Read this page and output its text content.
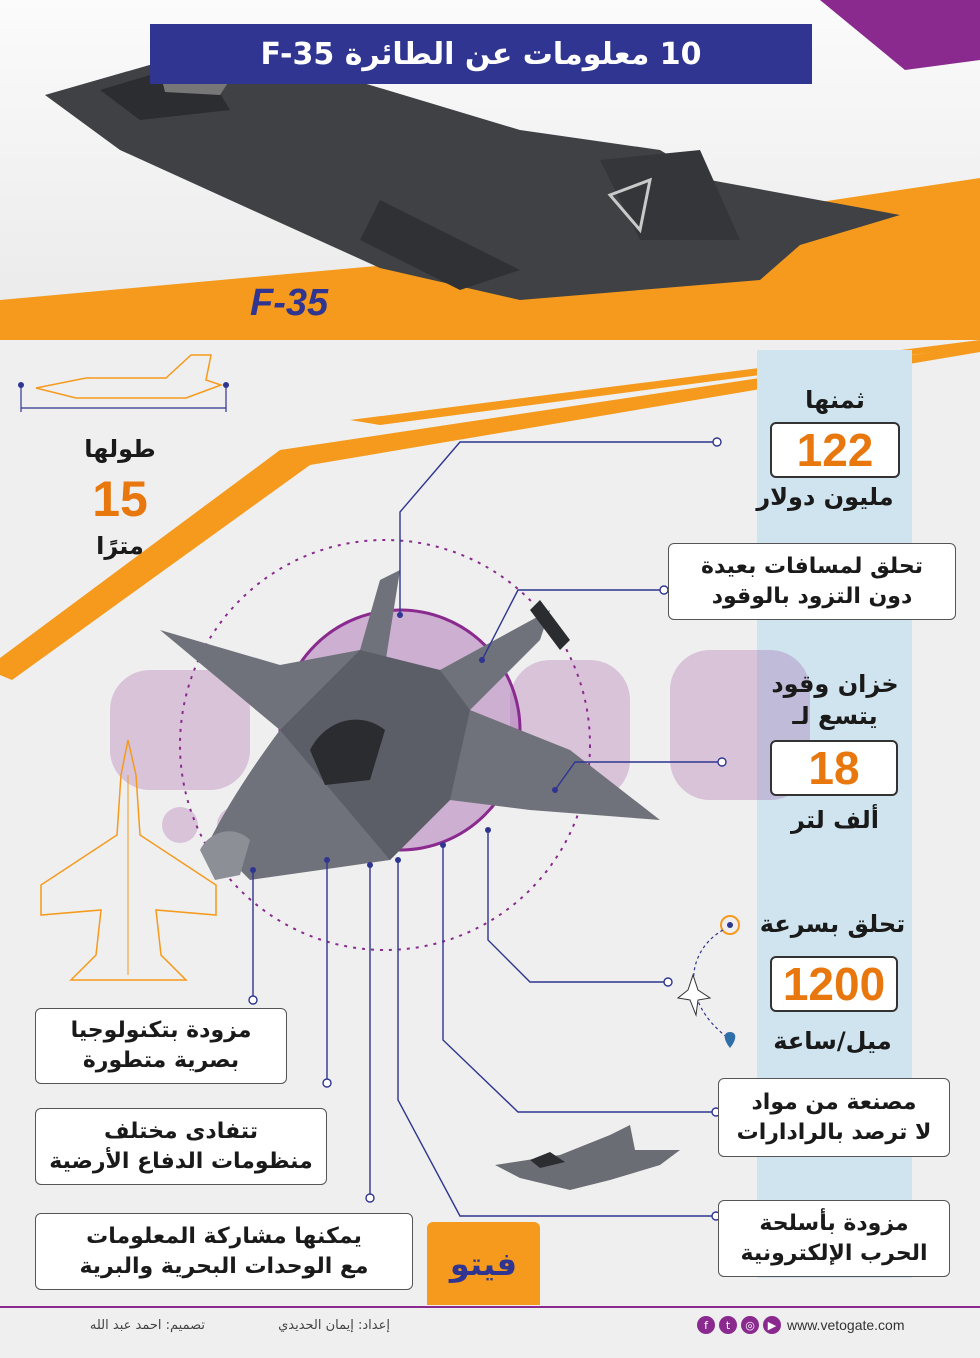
10 معلومات عن الطائرة F-35
F-35
طولها
15
مترًا
ثمنها
122
مليون دولار
تحلق لمسافات بعيدة
دون التزود بالوقود
خزان وقود
يتسع لـ
18
ألف لتر
تحلق بسرعة
1200
ميل/ساعة
مصنعة من مواد
لا ترصد بالرادارات
مزودة بأسلحة
الحرب الإلكترونية
مزودة بتكنولوجيا
بصرية متطورة
تتفادى مختلف
منظومات الدفاع الأرضية
يمكنها مشاركة المعلومات
مع الوحدات البحرية والبرية	فيتو
f	t	◎	▶ www.vetogate.com
إعداد: إيمان الحديدي
تصميم: احمد عبد الله
